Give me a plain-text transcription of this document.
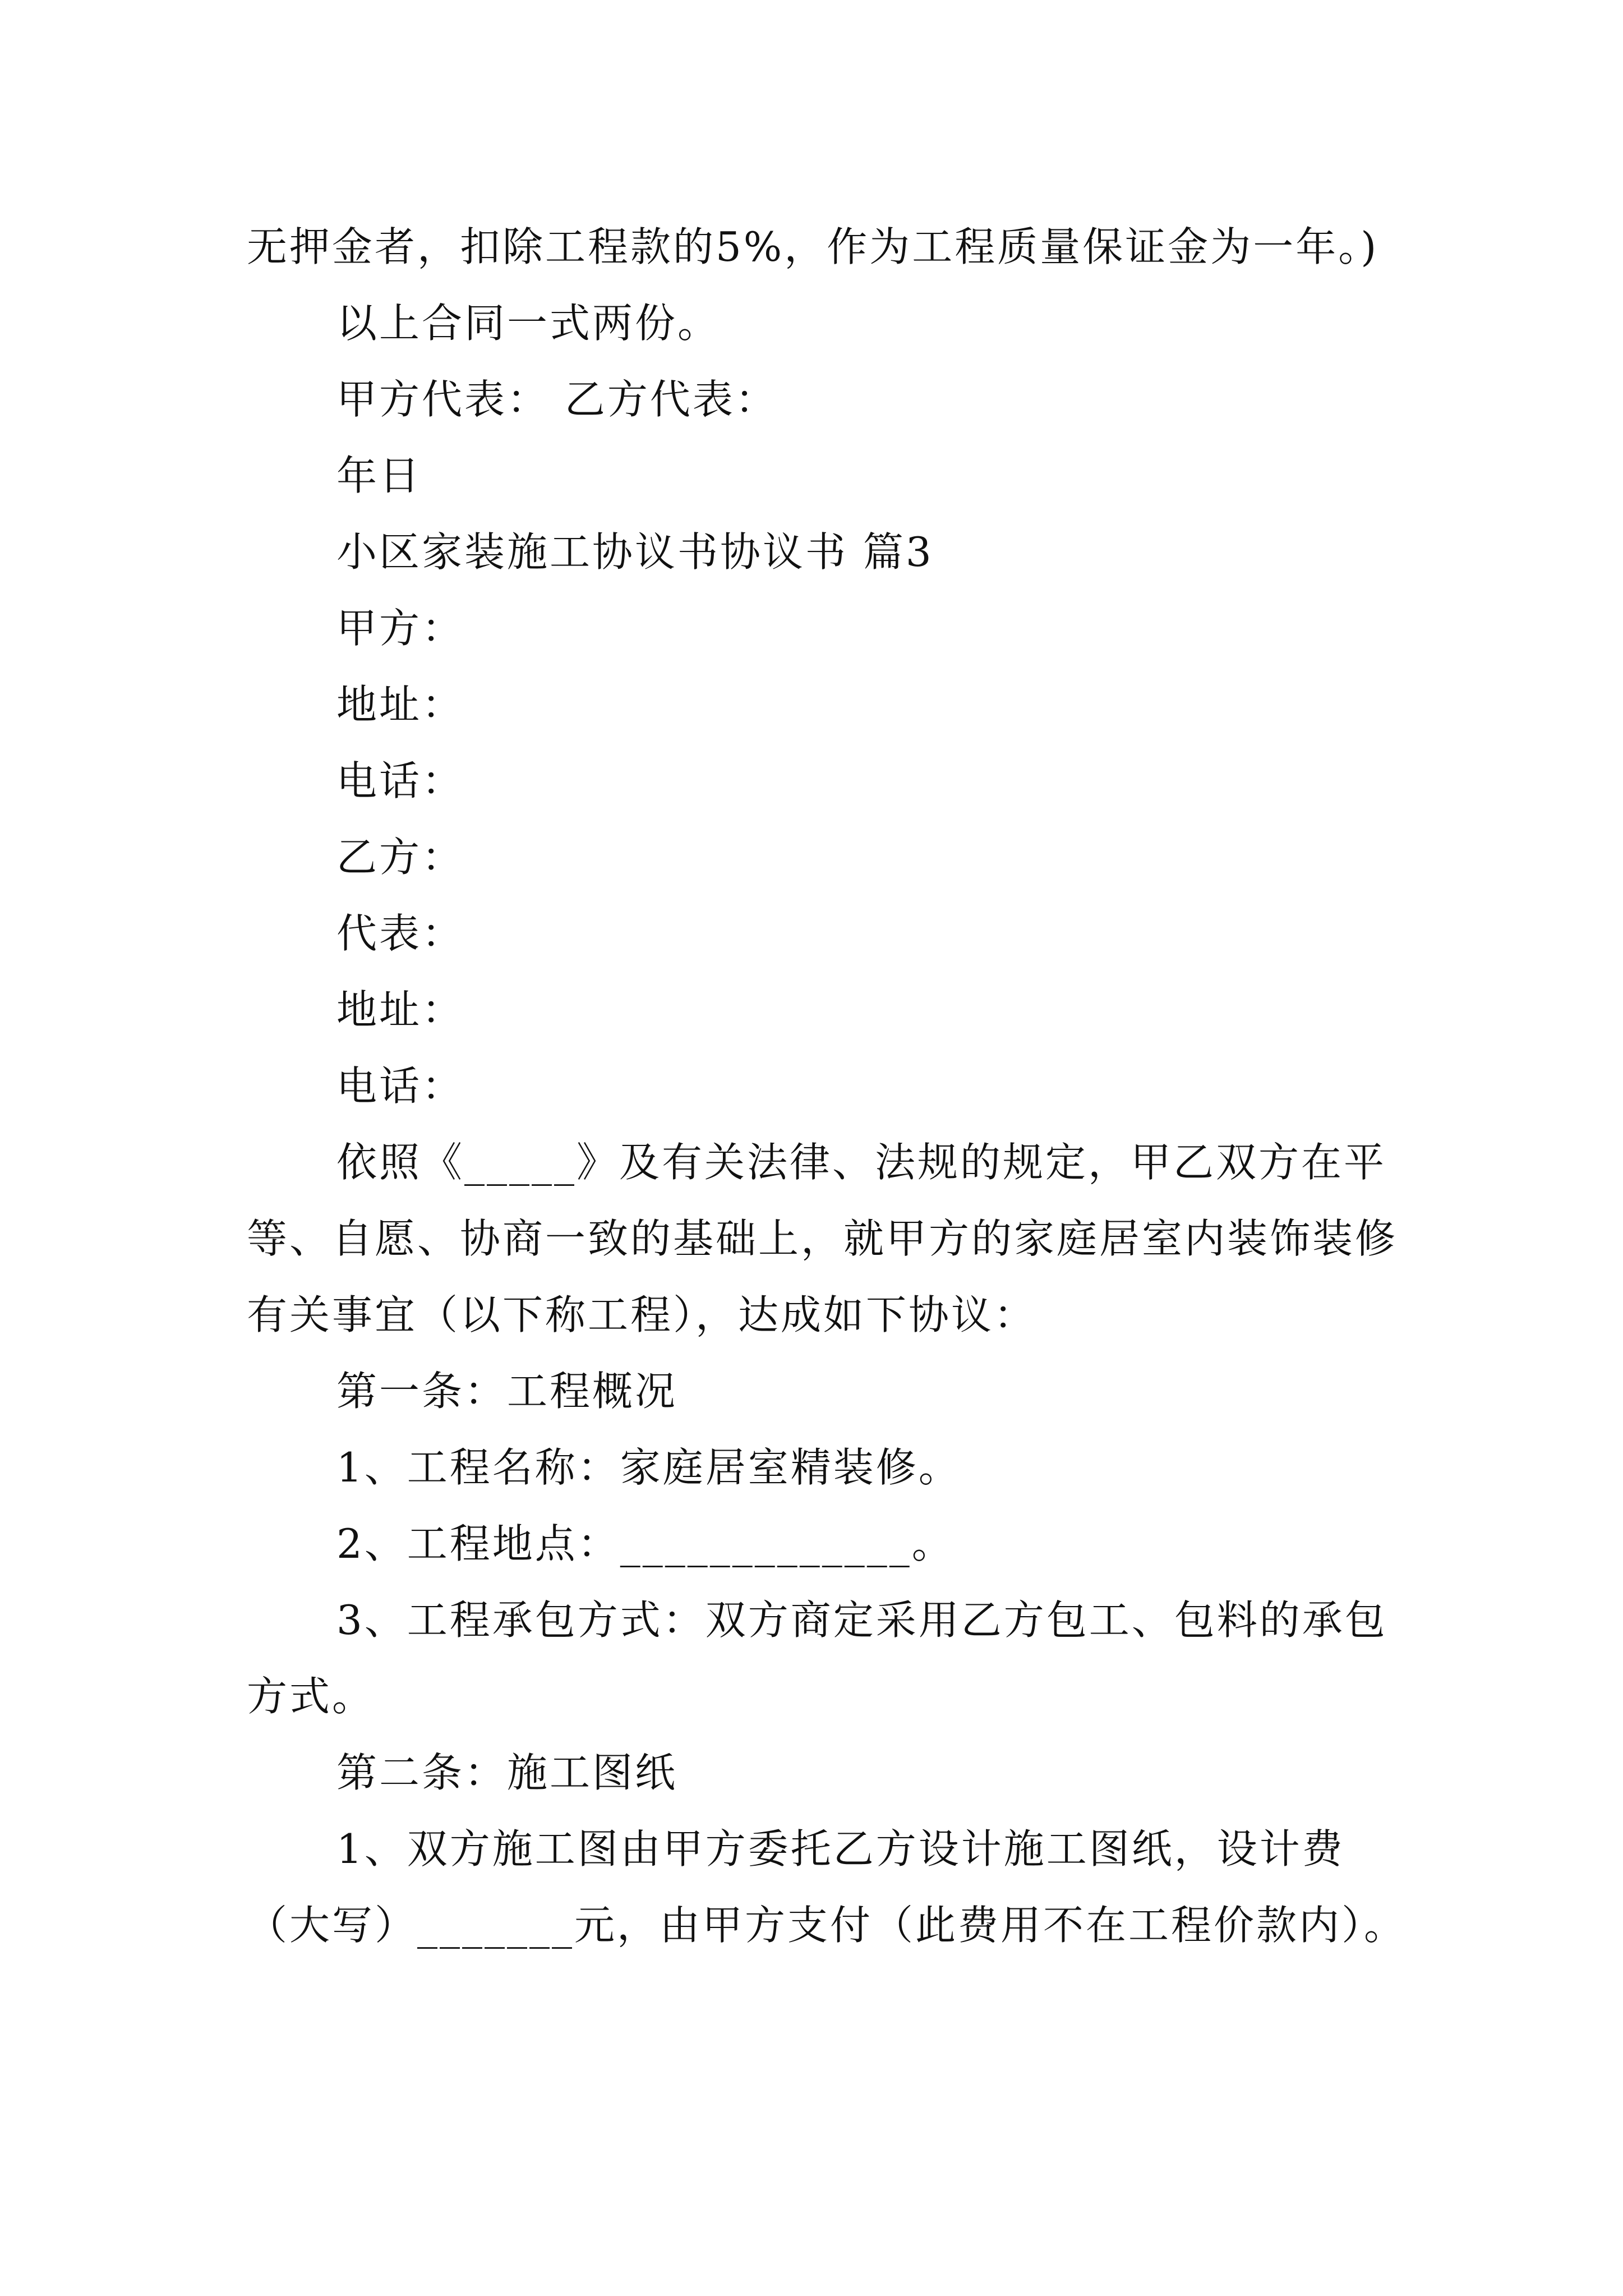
无押金者，扣除工程款的5%，作为工程质量保证金为一年。)

以上合同一式两份。

甲方代表： 乙方代表：

年日

小区家装施工协议书协议书 篇3

甲方：

地址：

电话：

乙方：

代表：

地址：

电话：

依照《_____》及有关法律、法规的规定，甲乙双方在平等、自愿、协商一致的基础上，就甲方的家庭居室内装饰装修有关事宜（以下称工程），达成如下协议：

第一条：工程概况

1、工程名称：家庭居室精装修。

2、工程地点：_____________。

3、工程承包方式：双方商定采用乙方包工、包料的承包方式。

第二条：施工图纸

1、双方施工图由甲方委托乙方设计施工图纸，设计费（大写）_______元，由甲方支付（此费用不在工程价款内）。
